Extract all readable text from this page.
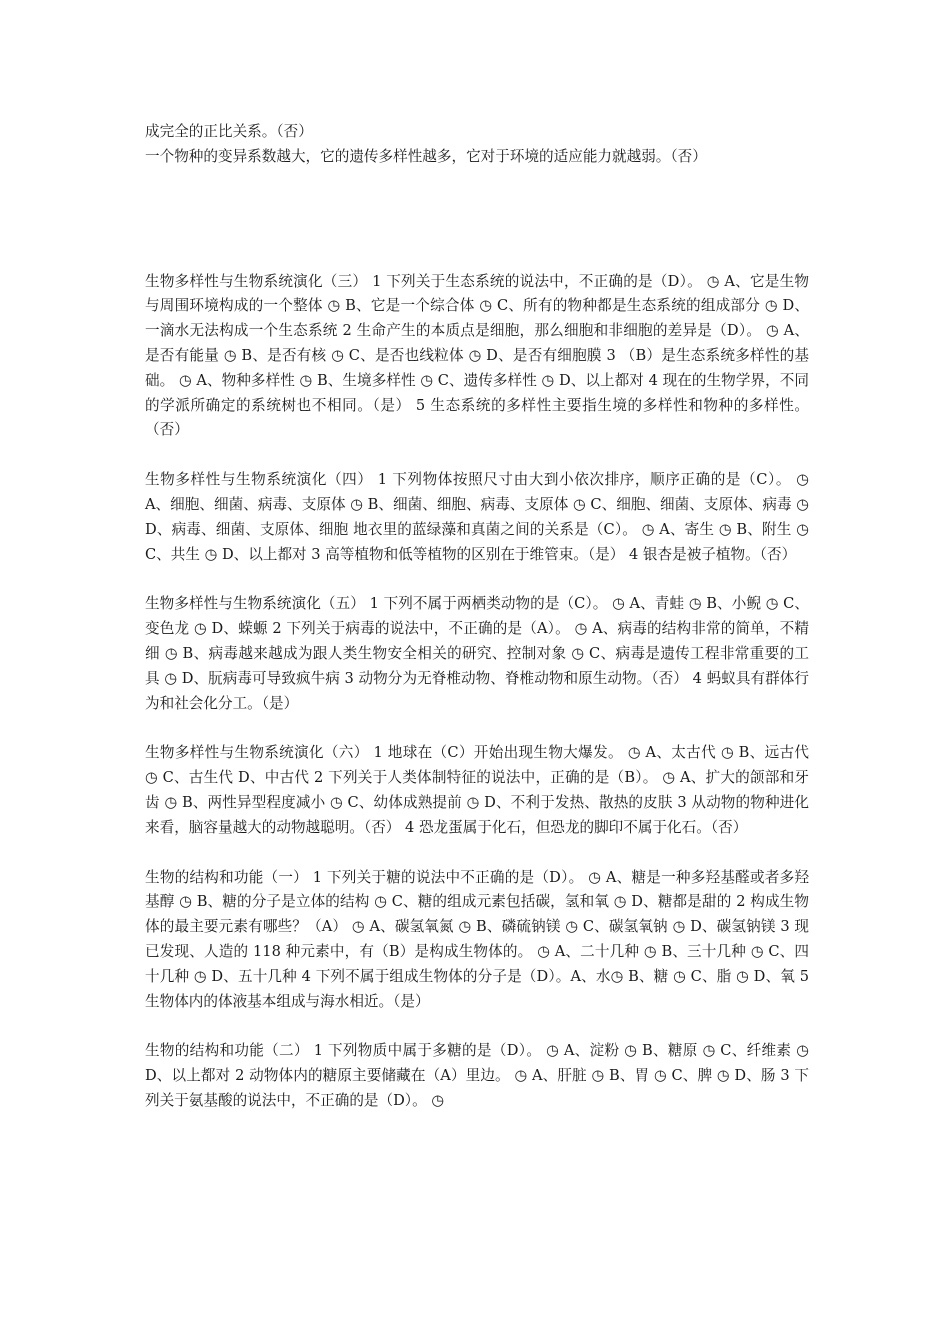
成完全的正比关系。（否）

一个物种的变异系数越大，它的遗传多样性越多，它对于环境的适应能力就越弱。（否）

生物多样性与生物系统演化（三） 1 下列关于生态系统的说法中，不正确的是（D）。 ◷ A、它是生物与周围环境构成的一个整体 ◷ B、它是一个综合体 ◷ C、所有的物种都是生态系统的组成部分 ◷ D、一滴水无法构成一个生态系统 2 生命产生的本质点是细胞，那么细胞和非细胞的差异是（D）。 ◷ A、是否有能量 ◷ B、是否有核 ◷ C、是否也线粒体 ◷ D、是否有细胞膜 3 （B）是生态系统多样性的基础。 ◷ A、物种多样性 ◷ B、生境多样性 ◷ C、遗传多样性 ◷ D、以上都对 4 现在的生物学界，不同的学派所确定的系统树也不相同。（是） 5 生态系统的多样性主要指生境的多样性和物种的多样性。（否）

生物多样性与生物系统演化（四） 1 下列物体按照尺寸由大到小依次排序，顺序正确的是（C）。 ◷ A、细胞、细菌、病毒、支原体 ◷ B、细菌、细胞、病毒、支原体 ◷ C、细胞、细菌、支原体、病毒 ◷ D、病毒、细菌、支原体、细胞 地衣里的蓝绿藻和真菌之间的关系是（C）。 ◷ A、寄生 ◷ B、附生 ◷ C、共生 ◷ D、以上都对 3 高等植物和低等植物的区别在于维管束。（是） 4 银杏是被子植物。（否）

生物多样性与生物系统演化（五） 1 下列不属于两栖类动物的是（C）。 ◷ A、青蛙 ◷ B、小鲵 ◷ C、变色龙 ◷ D、蝾螈 2 下列关于病毒的说法中，不正确的是（A）。 ◷ A、病毒的结构非常的简单，不精细 ◷ B、病毒越来越成为跟人类生物安全相关的研究、控制对象 ◷ C、病毒是遗传工程非常重要的工具 ◷ D、朊病毒可导致疯牛病 3 动物分为无脊椎动物、脊椎动物和原生动物。（否） 4 蚂蚁具有群体行为和社会化分工。（是）

生物多样性与生物系统演化（六） 1 地球在（C）开始出现生物大爆发。 ◷ A、太古代 ◷ B、远古代 ◷ C、古生代 D、中古代 2 下列关于人类体制特征的说法中，正确的是（B）。 ◷ A、扩大的颌部和牙齿 ◷ B、两性异型程度减小 ◷ C、幼体成熟提前 ◷ D、不利于发热、散热的皮肤 3 从动物的物种进化来看，脑容量越大的动物越聪明。（否） 4 恐龙蛋属于化石，但恐龙的脚印不属于化石。（否）

生物的结构和功能（一） 1 下列关于糖的说法中不正确的是（D）。 ◷ A、糖是一种多羟基醛或者多羟基醇 ◷ B、糖的分子是立体的结构 ◷ C、糖的组成元素包括碳，氢和氧 ◷ D、糖都是甜的 2 构成生物体的最主要元素有哪些？（A） ◷ A、碳氢氧氮 ◷ B、磷硫钠镁 ◷ C、碳氢氧钠 ◷ D、碳氢钠镁 3 现已发现、人造的 118 种元素中，有（B）是构成生物体的。 ◷ A、二十几种 ◷ B、三十几种 ◷ C、四十几种 ◷ D、五十几种 4 下列不属于组成生物体的分子是（D）。A、水◷ B、糖 ◷ C、脂 ◷ D、氧 5 生物体内的体液基本组成与海水相近。（是）

生物的结构和功能（二） 1 下列物质中属于多糖的是（D）。 ◷ A、淀粉 ◷ B、糖原 ◷ C、纤维素 ◷ D、以上都对 2 动物体内的糖原主要储藏在（A）里边。 ◷ A、肝脏 ◷ B、胃 ◷ C、脾 ◷ D、肠 3 下列关于氨基酸的说法中，不正确的是（D）。 ◷
